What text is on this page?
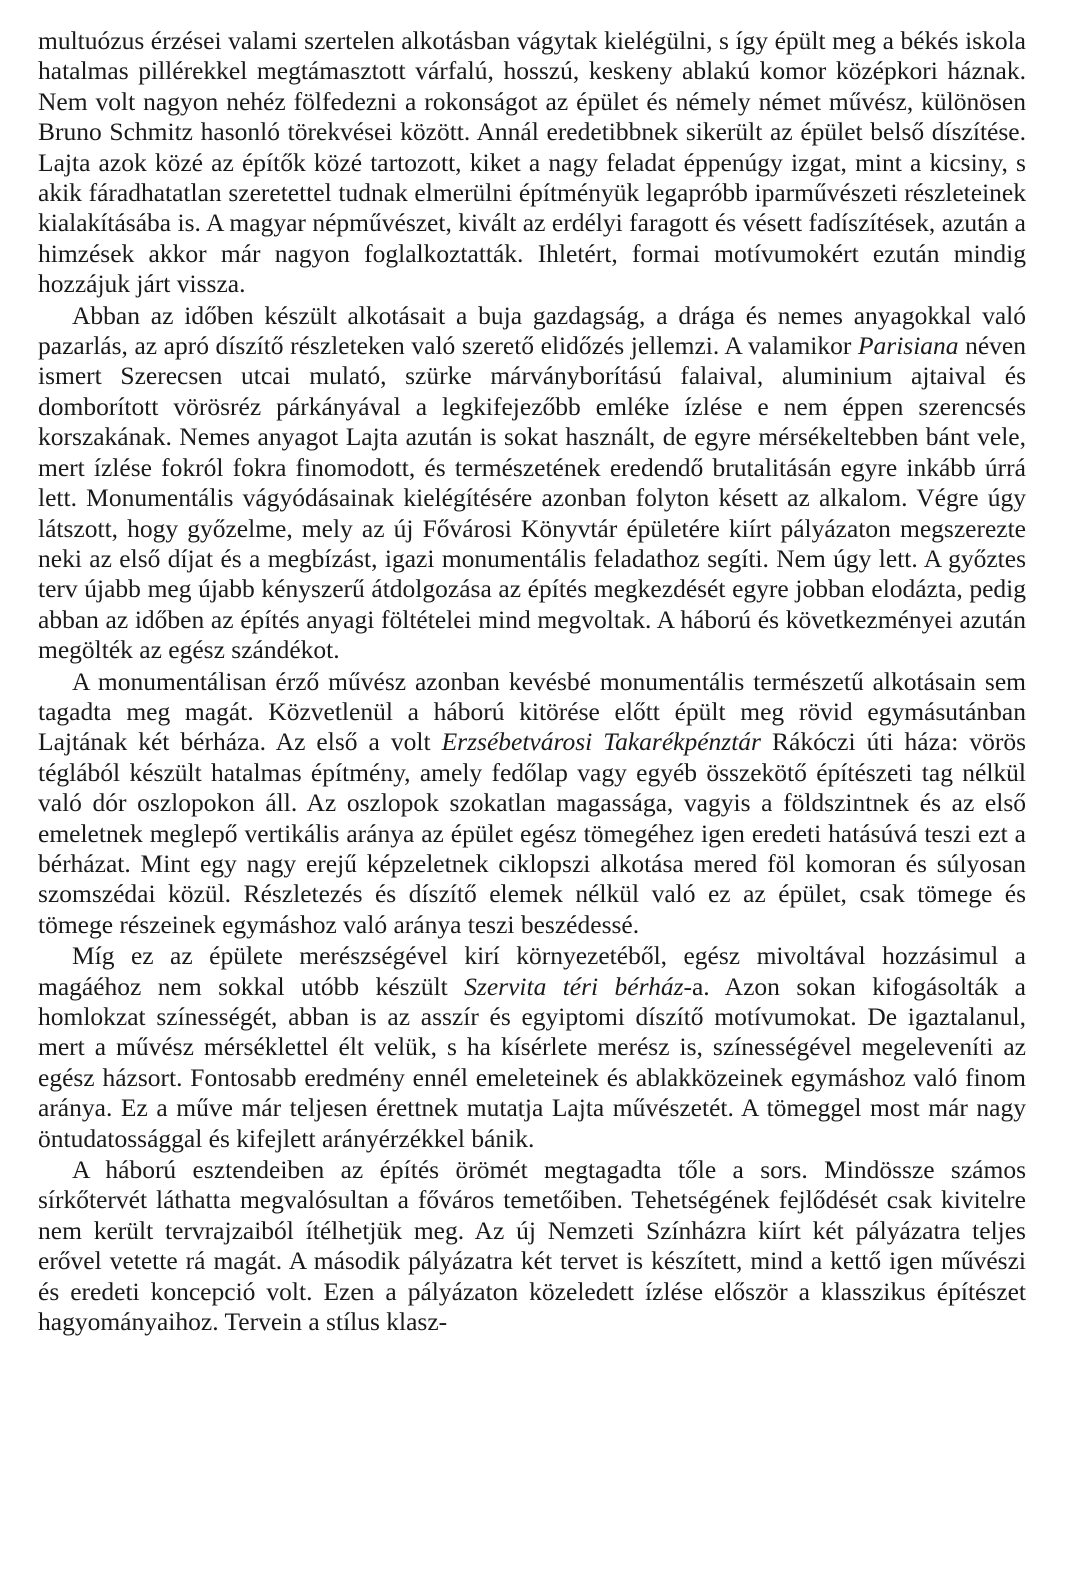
multuózus érzései valami szertelen alkotásban vágytak kielégülni, s így épült meg a békés iskola hatalmas pillérekkel megtámasztott várfalú, hosszú, keskeny ablakú komor középkori háznak. Nem volt nagyon nehéz fölfedezni a rokonságot az épület és némely német művész, különösen Bruno Schmitz hasonló törekvései között. Annál eredetibbnek sikerült az épület belső díszítése. Lajta azok közé az építők közé tartozott, kiket a nagy feladat éppenúgy izgat, mint a kicsiny, s akik fáradhatatlan szeretettel tudnak elmerülni építményük legapróbb iparművészeti részleteinek kialakításába is. A magyar népművészet, kivált az erdélyi faragott és vésett fadíszítések, azután a himzések akkor már nagyon foglalkoztatták. Ihletért, formai motívumokért ezután mindig hozzájuk járt vissza.

Abban az időben készült alkotásait a buja gazdagság, a drága és nemes anyagokkal való pazarlás, az apró díszítő részleteken való szerető elidőzés jellemzi. A valamikor Parisiana néven ismert Szerecsen utcai mulató, szürke márványborítású falaival, aluminium ajtaival és domborított vörösréz párkányával a legkifejezőbb emléke ízlése e nem éppen szerencsés korszakának. Nemes anyagot Lajta azután is sokat használt, de egyre mérsékeltebben bánt vele, mert ízlése fokról fokra finomodott, és természetének eredendő brutalitásán egyre inkább úrrá lett. Monumentális vágyódásainak kielégítésére azonban folyton késett az alkalom. Végre úgy látszott, hogy győzelme, mely az új Fővárosi Könyvtár épületére kiírt pályázaton megszerezte neki az első díjat és a megbízást, igazi monumentális feladathoz segíti. Nem úgy lett. A győztes terv újabb meg újabb kényszerű átdolgozása az építés megkezdését egyre jobban elodázta, pedig abban az időben az építés anyagi föltételei mind megvoltak. A háború és következményei azután megölték az egész szándékot.

A monumentálisan érző művész azonban kevésbé monumentális természetű alkotásain sem tagadta meg magát. Közvetlenül a háború kitörése előtt épült meg rövid egymásutánban Lajtának két bérháza. Az első a volt Erzsébetvárosi Takarékpénztár Rákóczi úti háza: vörös téglából készült hatalmas építmény, amely fedőlap vagy egyéb összekötő építészeti tag nélkül való dór oszlopokon áll. Az oszlopok szokatlan magassága, vagyis a földszintnek és az első emeletnek meglepő vertikális aránya az épület egész tömegéhez igen eredeti hatásúvá teszi ezt a bérházat. Mint egy nagy erejű képzeletnek ciklopszi alkotása mered föl komoran és súlyosan szomszédai közül. Részletezés és díszítő elemek nélkül való ez az épület, csak tömege és tömege részeinek egymáshoz való aránya teszi beszédessé.

Míg ez az épülete merészségével kirí környezetéből, egész mivoltával hozzásimul a magáéhoz nem sokkal utóbb készült Szervita téri bérház-a. Azon sokan kifogásolták a homlokzat színességét, abban is az asszír és egyiptomi díszítő motívumokat. De igaztalanul, mert a művész mérséklettel élt velük, s ha kísérlete merész is, színességével megeleveníti az egész házsort. Fontosabb eredmény ennél emeleteinek és ablakközeinek egymáshoz való finom aránya. Ez a műve már teljesen érettnek mutatja Lajta művészetét. A tömeggel most már nagy öntudatossággal és kifejlett arányérzékkel bánik.

A háború esztendeiben az építés örömét megtagadta tőle a sors. Mindössze számos sírkőtervét láthatta megvalósultan a főváros temetőiben. Tehetségének fejlődését csak kivitelre nem került tervrajzaiból ítélhetjük meg. Az új Nemzeti Színházra kiírt két pályázatra teljes erővel vetette rá magát. A második pályázatra két tervet is készített, mind a kettő igen művészi és eredeti koncepció volt. Ezen a pályázaton közeledett ízlése először a klasszikus építészet hagyományaihoz. Tervein a stílus klasz-
